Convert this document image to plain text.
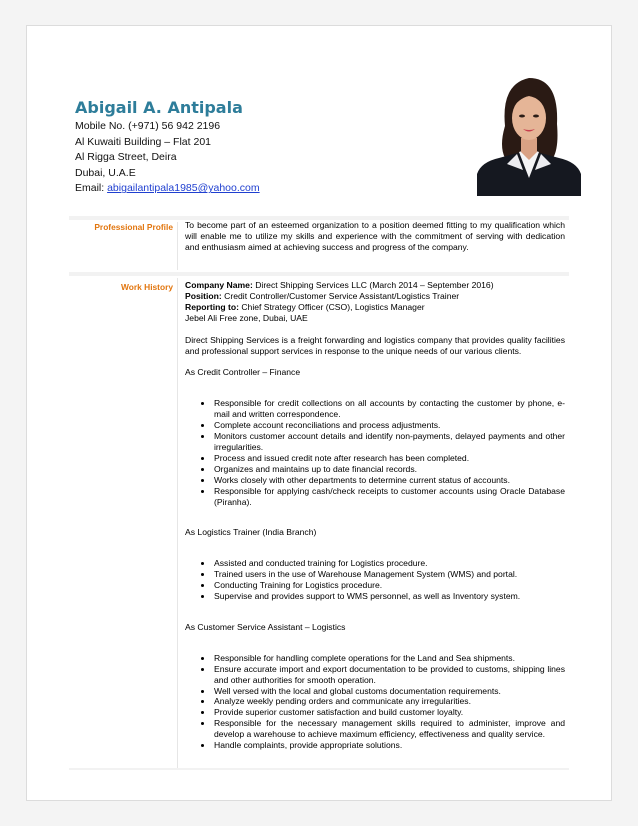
Abigail A. Antipala
Mobile No. (+971) 56 942 2196
Al Kuwaiti Building – Flat 201
Al Rigga Street, Deira
Dubai, U.A.E
Email: abigailantipala1985@yahoo.com
Professional Profile To become part of an esteemed organization to a position deemed fitting to my qualification which will enable me to utilize my skills and experience with the commitment of serving with dedication and enthusiasm aimed at achieving success and progress of the company.
Work History Company Name: Direct Shipping Services LLC (March 2014 – September 2016)

Position: Credit Controller/Customer Service Assistant/Logistics Trainer

Reporting to: Chief Strategy Officer (CSO), Logistics Manager

Jebel Ali Free zone, Dubai, UAE

Direct Shipping Services is a freight forwarding and logistics company that provides quality facilities and professional support services in response to the unique needs of our various clients.

As Credit Controller – Finance

Responsible for credit collections on all accounts by contacting the customer by phone, e-mail and written correspondence.
Complete account reconciliations and process adjustments.
Monitors customer account details and identify non-payments, delayed payments and other irregularities.
Process and issued credit note after research has been completed.
Organizes and maintains up to date financial records.
Works closely with other departments to determine current status of accounts.
Responsible for applying cash/check receipts to customer accounts using Oracle Database (Piranha).

As Logistics Trainer (India Branch)

Assisted and conducted training for Logistics procedure.
Trained users in the use of Warehouse Management System (WMS) and portal.
Conducting Training for Logistics procedure.
Supervise and provides support to WMS personnel, as well as Inventory system.

As Customer Service Assistant – Logistics

Responsible for handling complete operations for the Land and Sea shipments.
Ensure accurate import and export documentation to be provided to customs, shipping lines and other authorities for smooth operation.
Well versed with the local and global customs documentation requirements.
Analyze weekly pending orders and communicate any irregularities.
Provide superior customer satisfaction and build customer loyalty.
Responsible for the necessary management skills required to administer, improve and develop a warehouse to achieve maximum efficiency, effectiveness and quality service.
Handle complaints, provide appropriate solutions.
